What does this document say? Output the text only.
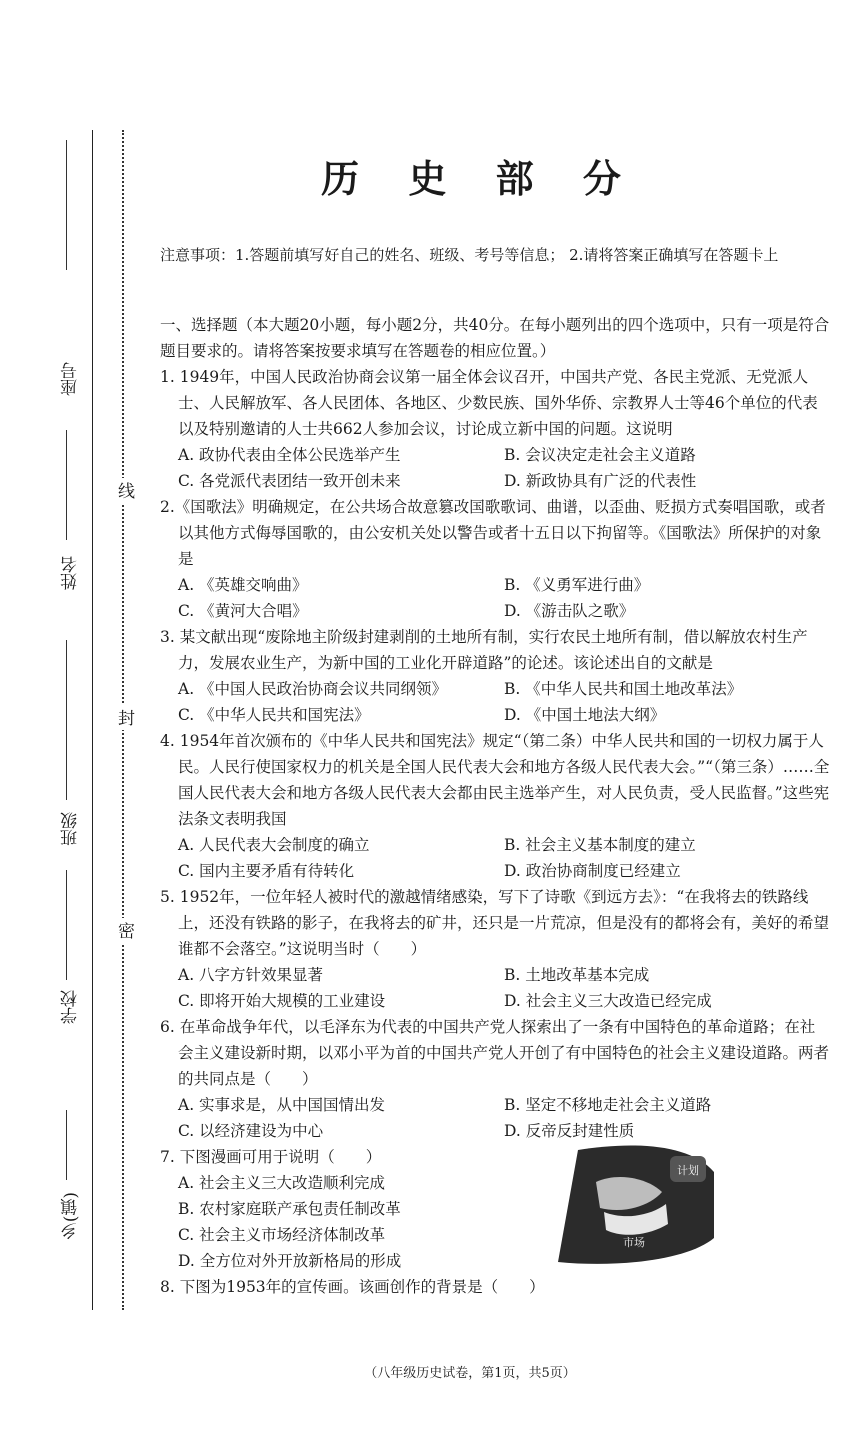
座号
姓名
班级
学校
乡(镇)
线
封
密
历 史 部 分
注意事项：1.答题前填写好自己的姓名、班级、考号等信息； 2.请将答案正确填写在答题卡上
一、选择题（本大题20小题，每小题2分，共40分。在每小题列出的四个选项中，只有一项是符合题目要求的。请将答案按要求填写在答题卷的相应位置。）
1. 1949年，中国人民政治协商会议第一届全体会议召开，中国共产党、各民主党派、无党派人士、人民解放军、各人民团体、各地区、少数民族、国外华侨、宗教界人士等46个单位的代表以及特别邀请的人士共662人参加会议，讨论成立新中国的问题。这说明
A. 政协代表由全体公民选举产生	B. 会议决定走社会主义道路
C. 各党派代表团结一致开创未来	D. 新政协具有广泛的代表性
2.《国歌法》明确规定，在公共场合故意篡改国歌歌词、曲谱，以歪曲、贬损方式奏唱国歌，或者以其他方式侮辱国歌的，由公安机关处以警告或者十五日以下拘留等。《国歌法》所保护的对象是
A. 《英雄交响曲》	B. 《义勇军进行曲》
C. 《黄河大合唱》	D. 《游击队之歌》
3. 某文献出现“废除地主阶级封建剥削的土地所有制，实行农民土地所有制，借以解放农村生产力，发展农业生产，为新中国的工业化开辟道路”的论述。该论述出自的文献是
A. 《中国人民政治协商会议共同纲领》	B. 《中华人民共和国土地改革法》
C. 《中华人民共和国宪法》	D. 《中国土地法大纲》
4. 1954年首次颁布的《中华人民共和国宪法》规定“（第二条）中华人民共和国的一切权力属于人民。人民行使国家权力的机关是全国人民代表大会和地方各级人民代表大会。”“（第三条）……全国人民代表大会和地方各级人民代表大会都由民主选举产生，对人民负责，受人民监督。”这些宪法条文表明我国
A. 人民代表大会制度的确立	B. 社会主义基本制度的建立
C. 国内主要矛盾有待转化	D. 政治协商制度已经建立
5. 1952年，一位年轻人被时代的激越情绪感染，写下了诗歌《到远方去》：“在我将去的铁路线上，还没有铁路的影子，在我将去的矿井，还只是一片荒凉，但是没有的都将会有，美好的希望谁都不会落空。”这说明当时（　　）
A. 八字方针效果显著	B. 土地改革基本完成
C. 即将开始大规模的工业建设	D. 社会主义三大改造已经完成
6. 在革命战争年代，以毛泽东为代表的中国共产党人探索出了一条有中国特色的革命道路；在社会主义建设新时期，以邓小平为首的中国共产党人开创了有中国特色的社会主义建设道路。两者的共同点是（　　）
A. 实事求是，从中国国情出发	B. 坚定不移地走社会主义道路
C. 以经济建设为中心	D. 反帝反封建性质
7. 下图漫画可用于说明（　　）
A. 社会主义三大改造顺利完成
B. 农村家庭联产承包责任制改革
C. 社会主义市场经济体制改革
D. 全方位对外开放新格局的形成
8. 下图为1953年的宣传画。该画创作的背景是（　　）
计划
市场
（八年级历史试卷，第1页，共5页）
